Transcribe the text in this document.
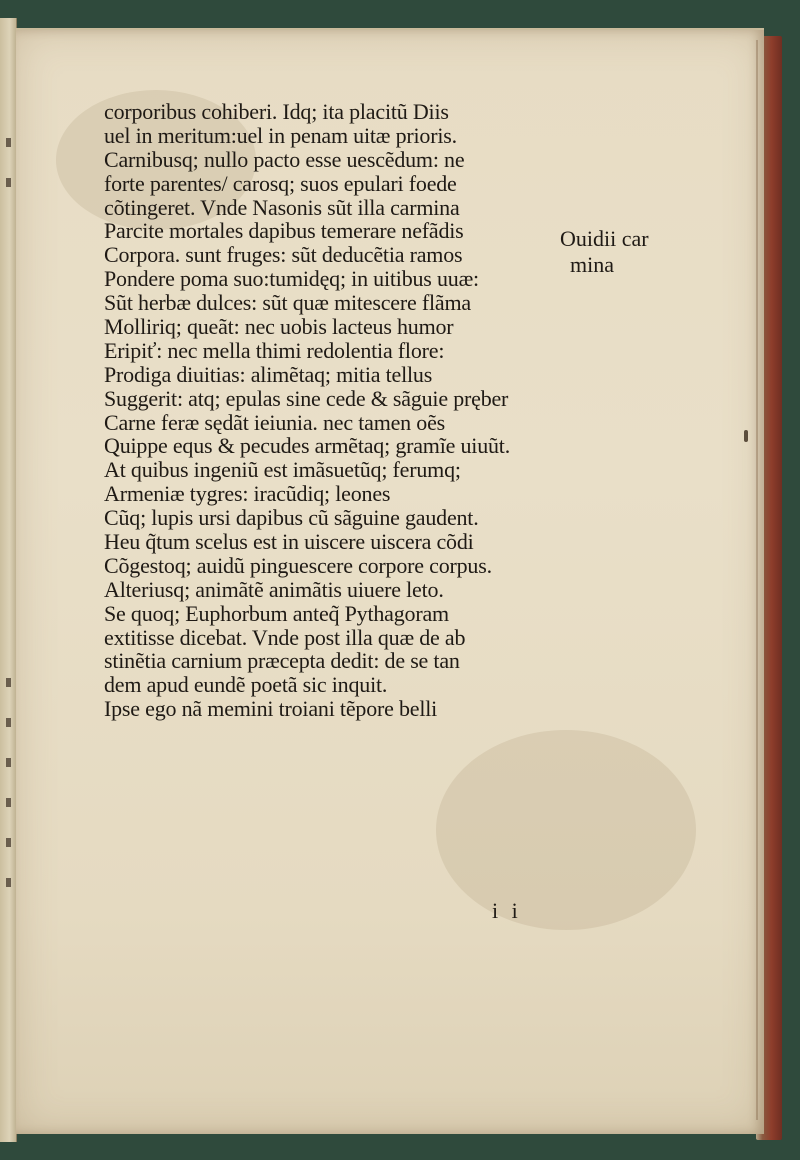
corporibus cohiberi. Idq; ita placitũ Diis
uel in meritum:uel in penam uitæ prioris.
Carnibusq; nullo pacto esse uescẽdum: ne
forte parentes/ carosq; suos epulari foede
cõtingeret. Vnde Nasonis sũt illa carmina
Parcite mortales dapibus temerare nefãdis
Corpora. sunt fruges: sũt deducẽtia ramos
Pondere poma suo:tumidęq; in uitibus uuæ:
Sũt herbæ dulces: sũt quæ mitescere flãma
Molliriq; queãt: nec uobis lacteus humor
Eripiť: nec mella thimi redolentia flore:
Prodiga diuitias: alimẽtaq; mitia tellus
Suggerit: atq; epulas sine cede & sãguie pręber
Carne feræ sędãt ieiunia. nec tamen oẽs
Quippe equs & pecudes armẽtaq; gramĩe uiuũt.
At quibus ingeniũ est imãsuetũq; ferumq;
Armeniæ tygres: iracũdiq; leones
Cũq; lupis ursi dapibus cũ sãguine gaudent.
Heu q̃tum scelus est in uiscere uiscera cõdi
Cõgestoq; auidũ pinguescere corpore corpus.
Alteriusq; animãtẽ animãtis uiuere leto.
Se quoq; Euphorbum anteq̃ Pythagoram
extitisse dicebat. Vnde post illa quæ de ab
stinẽtia carnium præcepta dedit: de se tan
dem apud eundẽ poetã sic inquit.
Ipse ego nã memini troiani tẽpore belli
Ouidii car
mina
i i
